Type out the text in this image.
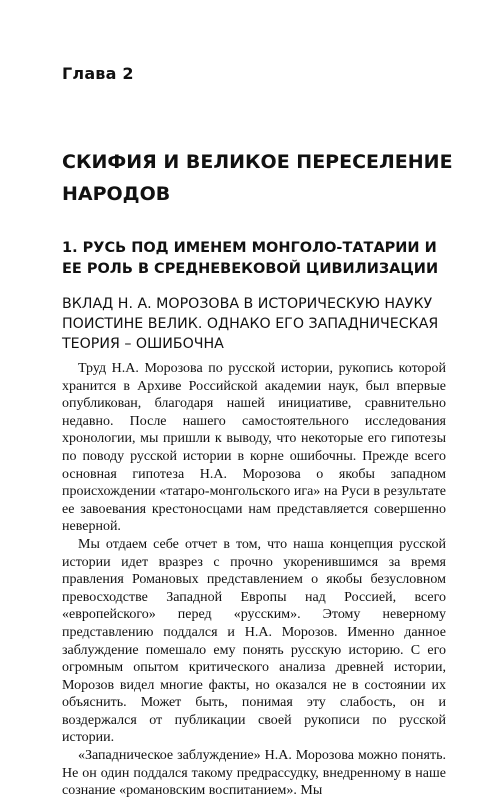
Глава 2
СКИФИЯ И ВЕЛИКОЕ ПЕРЕСЕЛЕНИЕ НАРОДОВ
1. РУСЬ ПОД ИМЕНЕМ МОНГОЛО-ТАТАРИИ И ЕЕ РОЛЬ В СРЕДНЕВЕКОВОЙ ЦИВИЛИЗАЦИИ
ВКЛАД Н. А. МОРОЗОВА В ИСТОРИЧЕСКУЮ НАУКУ ПОИСТИНЕ ВЕЛИК. ОДНАКО ЕГО ЗАПАДНИЧЕСКАЯ ТЕОРИЯ – ОШИБОЧНА

Труд Н.А. Морозова по русской истории, рукопись которой хранится в Архиве Российской академии наук, был впервые опубликован, благодаря нашей инициативе, сравнительно недавно. После нашего самостоятельного исследования хронологии, мы пришли к выводу, что некоторые его гипотезы по поводу русской истории в корне ошибочны. Прежде всего основная гипотеза Н.А. Морозова о якобы западном происхождении «татаро-монгольского ига» на Руси в результате ее завоевания крестоносцами нам представляется совершенно неверной.

Мы отдаем себе отчет в том, что наша концепция русской истории идет вразрез с прочно укоренившимся за время правления Романовых представлением о якобы безусловном превосходстве Западной Европы над Россией, всего «европейского» перед «русским». Этому неверному представлению поддался и Н.А. Морозов. Именно данное заблуждение помешало ему понять русскую историю. С его огромным опытом критического анализа древней истории, Морозов видел многие факты, но оказался не в состоянии их объяснить. Может быть, понимая эту слабость, он и воздержался от публикации своей рукописи по русской истории.

«Западническое заблуждение» Н.А. Морозова можно понять. Не он один поддался такому предрассудку, внедренному в наше сознание «романовским воспитанием». Мы
